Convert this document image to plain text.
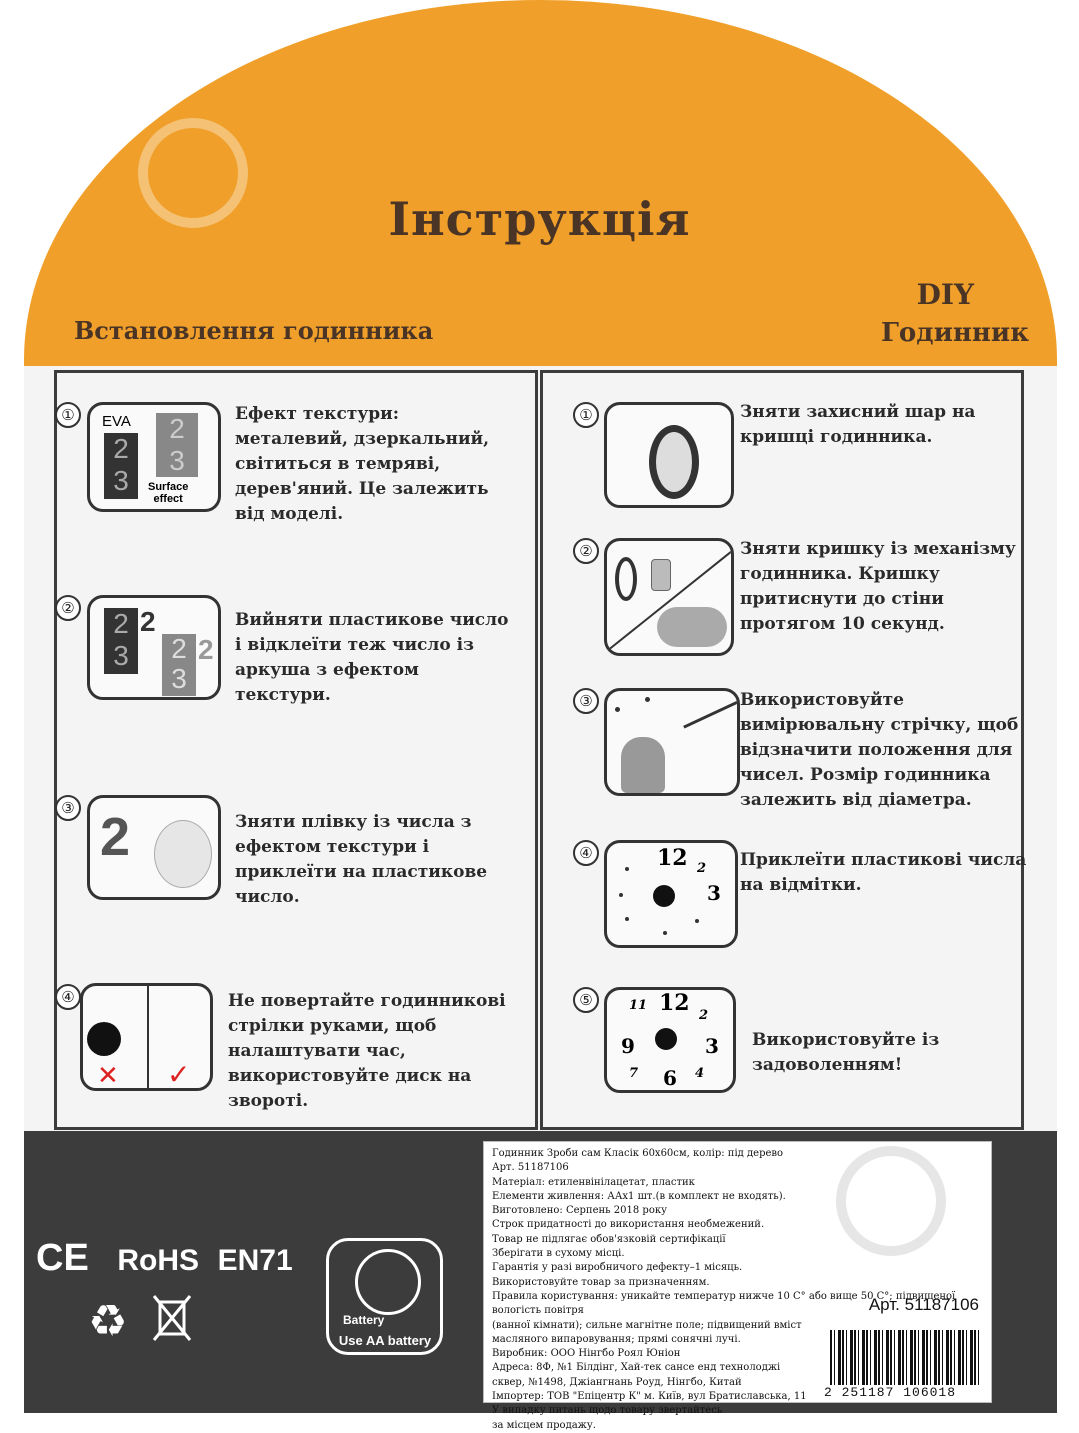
Інструкція
Встановлення годинника
DIY
Годинник
①	EVA
2
3
2
3
Surface
effect
Ефект текстури:
металевий, дзеркальний,
світиться в темряві,
дерев'яний. Це залежить
від моделі.
②	2
3
2
2
3
2
Вийняти пластикове число
і відклеїти теж число із
аркуша з ефектом
текстури.
③ 2	Зняти плівку із числа з
ефектом текстури і
приклеїти на пластикове
число.
④
✕ ✓
Не повертайте годинникові
стрілки руками, щоб
налаштувати час,
використовуйте диск на
звороті.
①	Зняти захисний шар на
кришці годинника.
②	Зняти кришку із механізму
годинника. Кришку
притиснути до стіни
протягом 10 секунд.
③	Використовуйте
вимірювальну стрічку, щоб
відзначити положення для
чисел. Розмір годинника
залежить від діаметра.
④	12 2
3
Приклеїти пластикові числа
на відмітки.
⑤	12
11
2
9	3
7 6 4
Використовуйте із
задоволенням!
CE RoHS EN71
♻	Battery
Use AA battery

Годинник Зроби сам Класік 60х60см, колір: під дерево

Арт. 51187106

Матеріал: етиленвінілацетат, пластик

Елементи живлення: ААх1 шт.(в комплект не входять).

Виготовлено: Серпень 2018 року

Строк придатності до використання необмежений.

Товар не підлягає обов'язковій сертифікації

Зберігати в сухому місці.

Гарантія у разі виробничого дефекту–1 місяць.

Використовуйте товар за призначенням.

Правила користування: уникайте температур нижче 10 С° або вище 50 С°; підвищеної вологість повітря

(ванної кімнати); сильне магнітне поле; підвищений вміст

масляного випаровування; прямі сонячні лучі.

Виробник: ООО Нінгбо Роял Юніон

Адреса: 8Ф, №1 Білдінг, Хай-тек сансе енд технолоджі

сквер, №1498, Джіангнань Роуд, Нінгбо, Китай

Імпортер: ТОВ "Епіцентр К" м. Київ, вул Братиславська, 11

У випадку питань щодо товару звертайтесь

за місцем продажу.

Арт. 51187106
2 251187 106018
